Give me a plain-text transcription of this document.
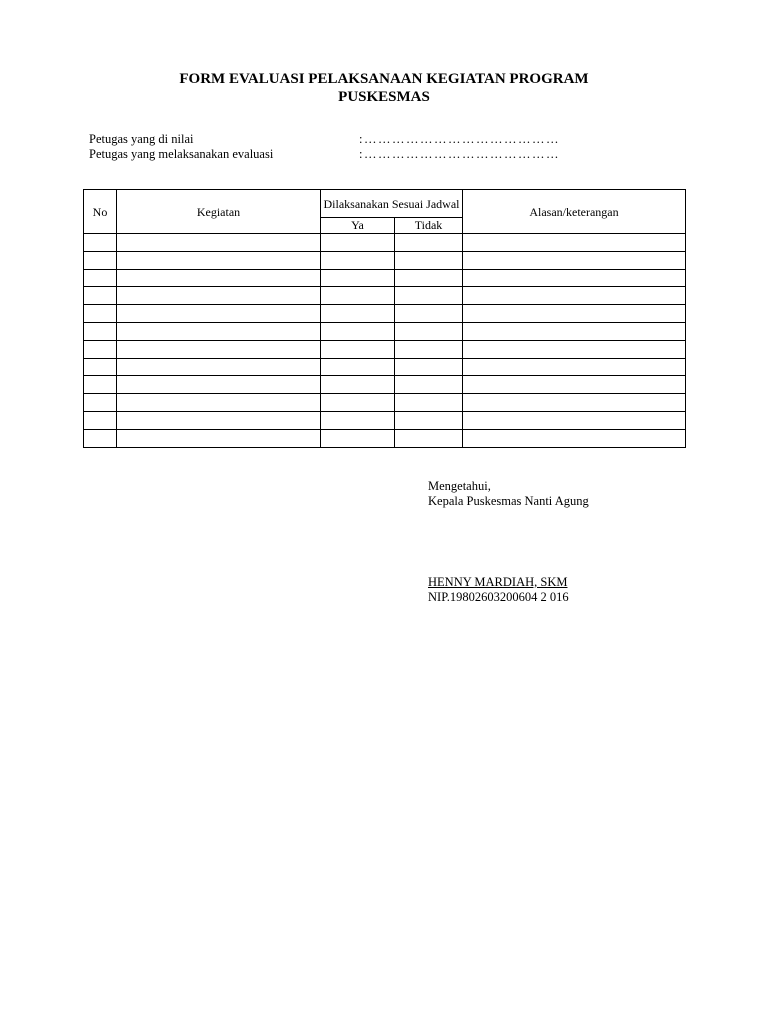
FORM EVALUASI PELAKSANAAN KEGIATAN PROGRAM
PUSKESMAS
Petugas yang di nilai	:……………………………………
Petugas yang melaksanakan evaluasi	:……………………………………
No	Kegiatan	Dilaksanakan Sesuai Jadwal		Alasan/keterangan
		Ya	Tidak	

Mengetahui,
Kepala Puskesmas Nanti Agung
HENNY MARDIAH, SKM
NIP.19802603200604 2 016
